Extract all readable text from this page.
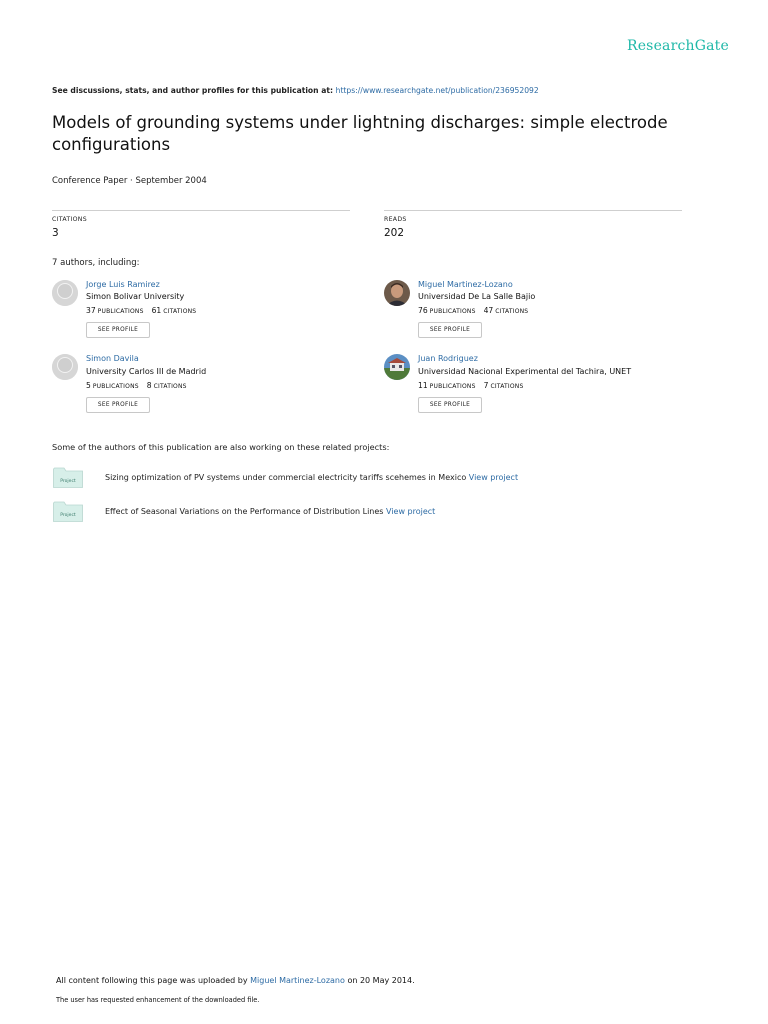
ResearchGate
See discussions, stats, and author profiles for this publication at: https://www.researchgate.net/publication/236952092
Models of grounding systems under lightning discharges: simple electrode configurations
Conference Paper · September 2004
CITATIONS
3
READS
202
7 authors, including:
Jorge Luis Ramirez
Simon Bolivar University
37 PUBLICATIONS 61 CITATIONS
SEE PROFILE
Miguel Martinez-Lozano
Universidad De La Salle Bajio
76 PUBLICATIONS 47 CITATIONS
SEE PROFILE
Simon Davila
University Carlos III de Madrid
5 PUBLICATIONS 8 CITATIONS
SEE PROFILE
Juan Rodriguez
Universidad Nacional Experimental del Tachira, UNET
11 PUBLICATIONS 7 CITATIONS
SEE PROFILE
Some of the authors of this publication are also working on these related projects:
Project	Sizing optimization of PV systems under commercial electricity tariffs scehemes in Mexico View project
Project	Effect of Seasonal Variations on the Performance of Distribution Lines View project
All content following this page was uploaded by Miguel Martinez-Lozano on 20 May 2014.
The user has requested enhancement of the downloaded file.
